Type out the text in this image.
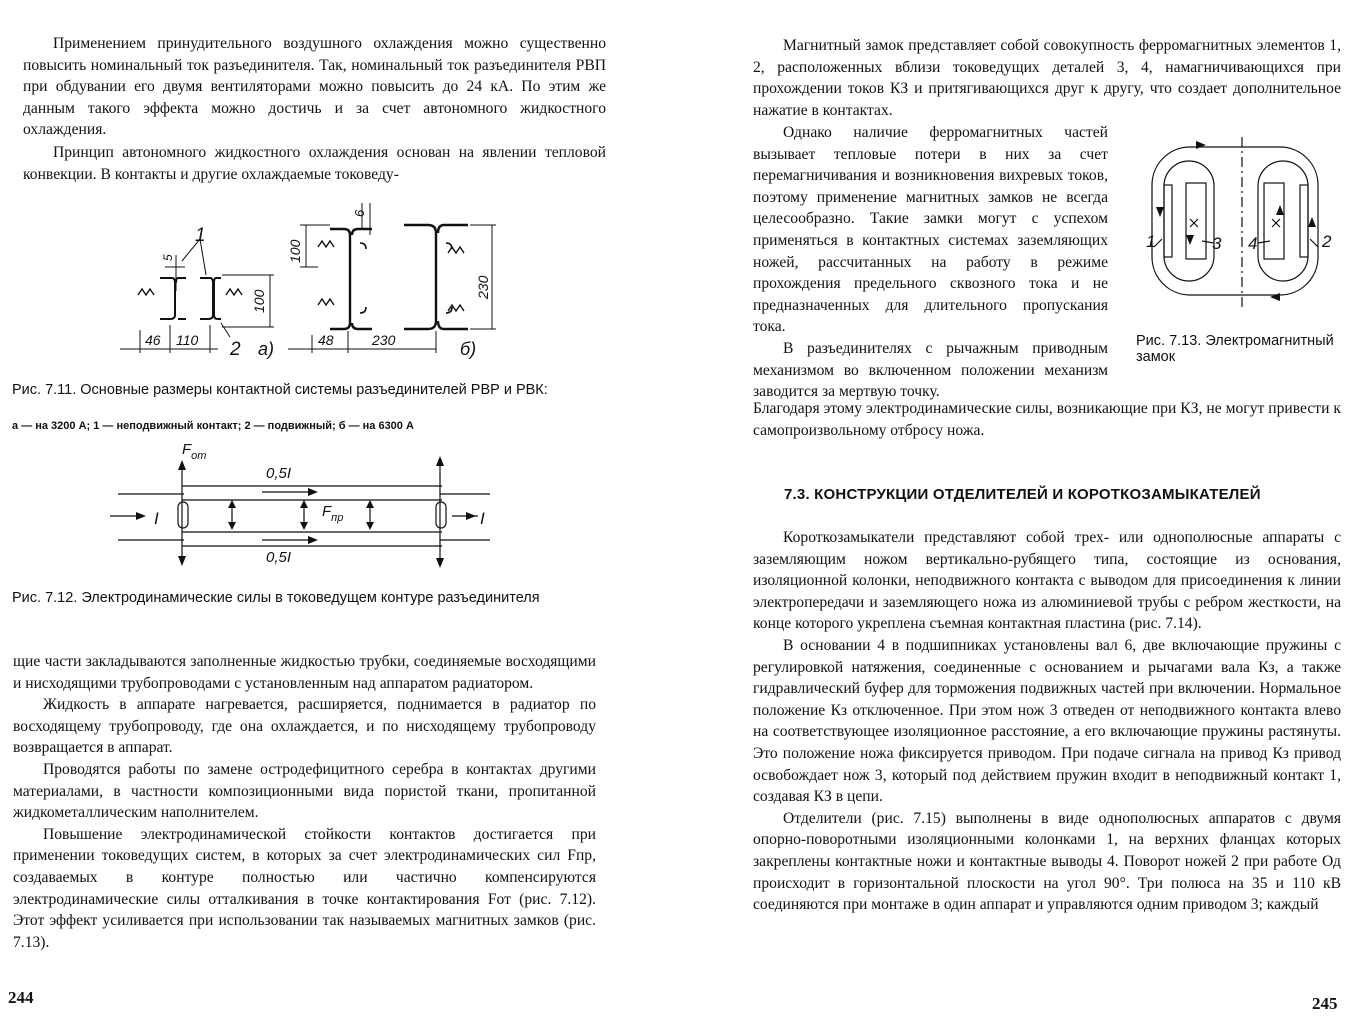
Применением принудительного воздушного охлаждения можно существенно повысить номинальный ток разъединителя. Так, номинальный ток разъединителя РВП при обдувании его двумя вентиляторами можно повысить до 24 кА. По этим же данным такого эффекта можно достичь и за счет автономного жидкостного охлаждения.

Принцип автономного жидкостного охлаждения основан на явлении тепловой конвекции. В контакты и другие охлаждаемые токоведу-

1
2
5
100
46 110	а)
6
100
230
48	230	б)
Рис. 7.11. Основные размеры контактной системы разъединителей РВР и РВК:
а — на 3200 А; 1 — неподвижный контакт; 2 — подвижный; б — на 6300 А
$F_{от}$
0,5I
0,5I
$F_{пр}$
I	I
Рис. 7.12. Электродинамические силы в токоведущем контуре разъединителя

щие части закладываются заполненные жидкостью трубки, соединяемые восходящими и нисходящими трубопроводами с установленным над аппаратом радиатором.

Жидкость в аппарате нагревается, расширяется, поднимается в радиатор по восходящему трубопроводу, где она охлаждается, и по нисходящему трубопроводу возвращается в аппарат.

Проводятся работы по замене остродефицитного серебра в контактах другими материалами, в частности композиционными вида пористой ткани, пропитанной жидкометаллическим наполнителем.

Повышение электродинамической стойкости контактов достигается при применении токоведущих систем, в которых за счет электродинамических сил Fпр, создаваемых в контуре полностью или частично компенсируются электродинамические силы отталкивания в точке контактирования Fот (рис. 7.12). Этот эффект усиливается при использовании так называемых магнитных замков (рис. 7.13).

244

Магнитный замок представляет собой совокупность ферромагнитных элементов 1, 2, расположенных вблизи токоведущих деталей 3, 4, намагничивающихся при прохождении токов КЗ и притягивающихся друг к другу, что создает дополнительное нажатие в контактах.

Однако наличие ферромагнитных частей вызывает тепловые потери в них за счет перемагничивания и возникновения вихревых токов, поэтому применение магнитных замков не всегда целесообразно. Такие замки могут с успехом применяться в контактных системах заземляющих ножей, рассчитанных на работу в режиме прохождения предельного сквозного тока и не предназначенных для длительного пропускания тока.

В разъединителях с рычажным приводным механизмом во включенном положении механизм заводится за мертвую точку.

1	3 4	2
Рис. 7.13. Электромагнитный замок

Благодаря этому электродинамические силы, возникающие при КЗ, не могут привести к самопроизвольному отбросу ножа.

7.3. КОНСТРУКЦИИ ОТДЕЛИТЕЛЕЙ И КОРОТКОЗАМЫКАТЕЛЕЙ

Короткозамыкатели представляют собой трех- или однополюсные аппараты с заземляющим ножом вертикально-рубящего типа, состоящие из основания, изоляционной колонки, неподвижного контакта с выводом для присоединения к линии электропередачи и заземляющего ножа из алюминиевой трубы с ребром жесткости, на конце которого укреплена съемная контактная пластина (рис. 7.14).

В основании 4 в подшипниках установлены вал 6, две включающие пружины с регулировкой натяжения, соединенные с основанием и рычагами вала Кз, а также гидравлический буфер для торможения подвижных частей при включении. Нормальное положение Кз отключенное. При этом нож 3 отведен от неподвижного контакта влево на соответствующее изоляционное расстояние, а его включающие пружины растянуты. Это положение ножа фиксируется приводом. При подаче сигнала на привод Кз привод освобождает нож 3, который под действием пружин входит в неподвижный контакт 1, создавая КЗ в цепи.

Отделители (рис. 7.15) выполнены в виде однополюсных аппаратов с двумя опорно-поворотными изоляционными колонками 1, на верхних фланцах которых закреплены контактные ножи и контактные выводы 4. Поворот ножей 2 при работе Од происходит в горизонтальной плоскости на угол 90°. Три полюса на 35 и 110 кВ соединяются при монтаже в один аппарат и управляются одним приводом 3; каждый

245
